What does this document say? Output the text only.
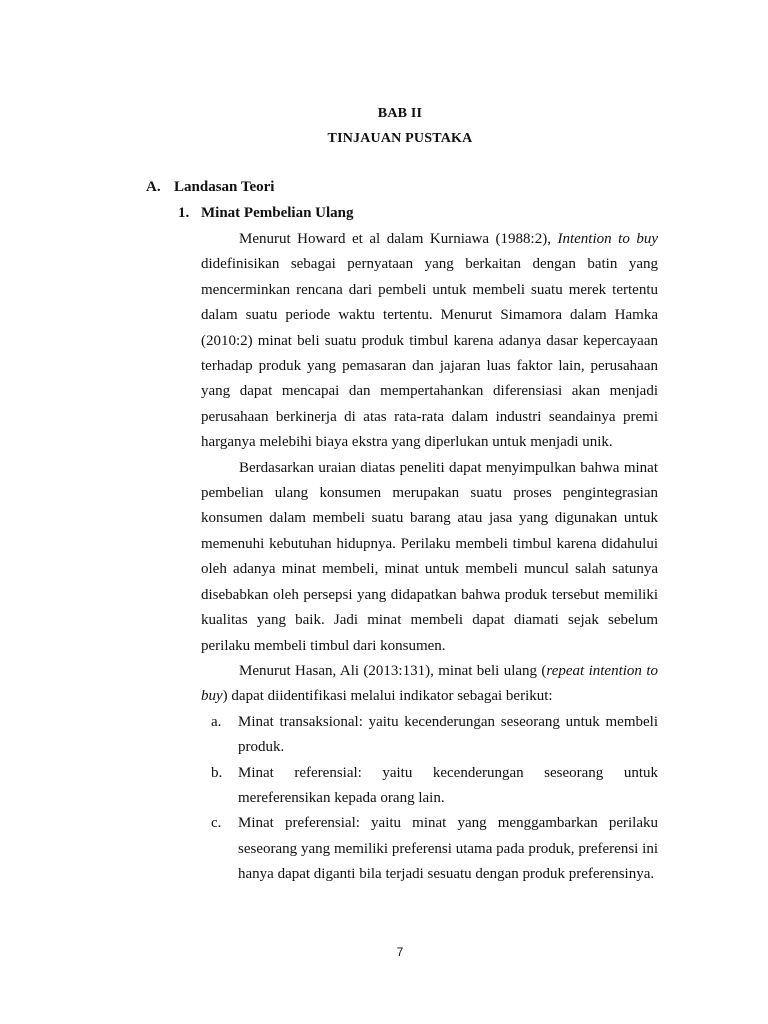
BAB II
TINJAUAN PUSTAKA
A. Landasan Teori
1. Minat Pembelian Ulang

Menurut Howard et al dalam Kurniawa (1988:2), Intention to buy didefinisikan sebagai pernyataan yang berkaitan dengan batin yang mencerminkan rencana dari pembeli untuk membeli suatu merek tertentu dalam suatu periode waktu tertentu. Menurut Simamora dalam Hamka (2010:2) minat beli suatu produk timbul karena adanya dasar kepercayaan terhadap produk yang pemasaran dan jajaran luas faktor lain, perusahaan yang dapat mencapai dan mempertahankan diferensiasi akan menjadi perusahaan berkinerja di atas rata-rata dalam industri seandainya premi harganya melebihi biaya ekstra yang diperlukan untuk menjadi unik.

Berdasarkan uraian diatas peneliti dapat menyimpulkan bahwa minat pembelian ulang konsumen merupakan suatu proses pengintegrasian konsumen dalam membeli suatu barang atau jasa yang digunakan untuk memenuhi kebutuhan hidupnya. Perilaku membeli timbul karena didahului oleh adanya minat membeli, minat untuk membeli muncul salah satunya disebabkan oleh persepsi yang didapatkan bahwa produk tersebut memiliki kualitas yang baik. Jadi minat membeli dapat diamati sejak sebelum perilaku membeli timbul dari konsumen.

Menurut Hasan, Ali (2013:131), minat beli ulang (repeat intention to buy) dapat diidentifikasi melalui indikator sebagai berikut:

a. Minat transaksional: yaitu kecenderungan seseorang untuk membeli produk.
b. Minat referensial: yaitu kecenderungan seseorang untuk mereferensikan kepada orang lain.
c. Minat preferensial: yaitu minat yang menggambarkan perilaku seseorang yang memiliki preferensi utama pada produk, preferensi ini hanya dapat diganti bila terjadi sesuatu dengan produk preferensinya.
7
